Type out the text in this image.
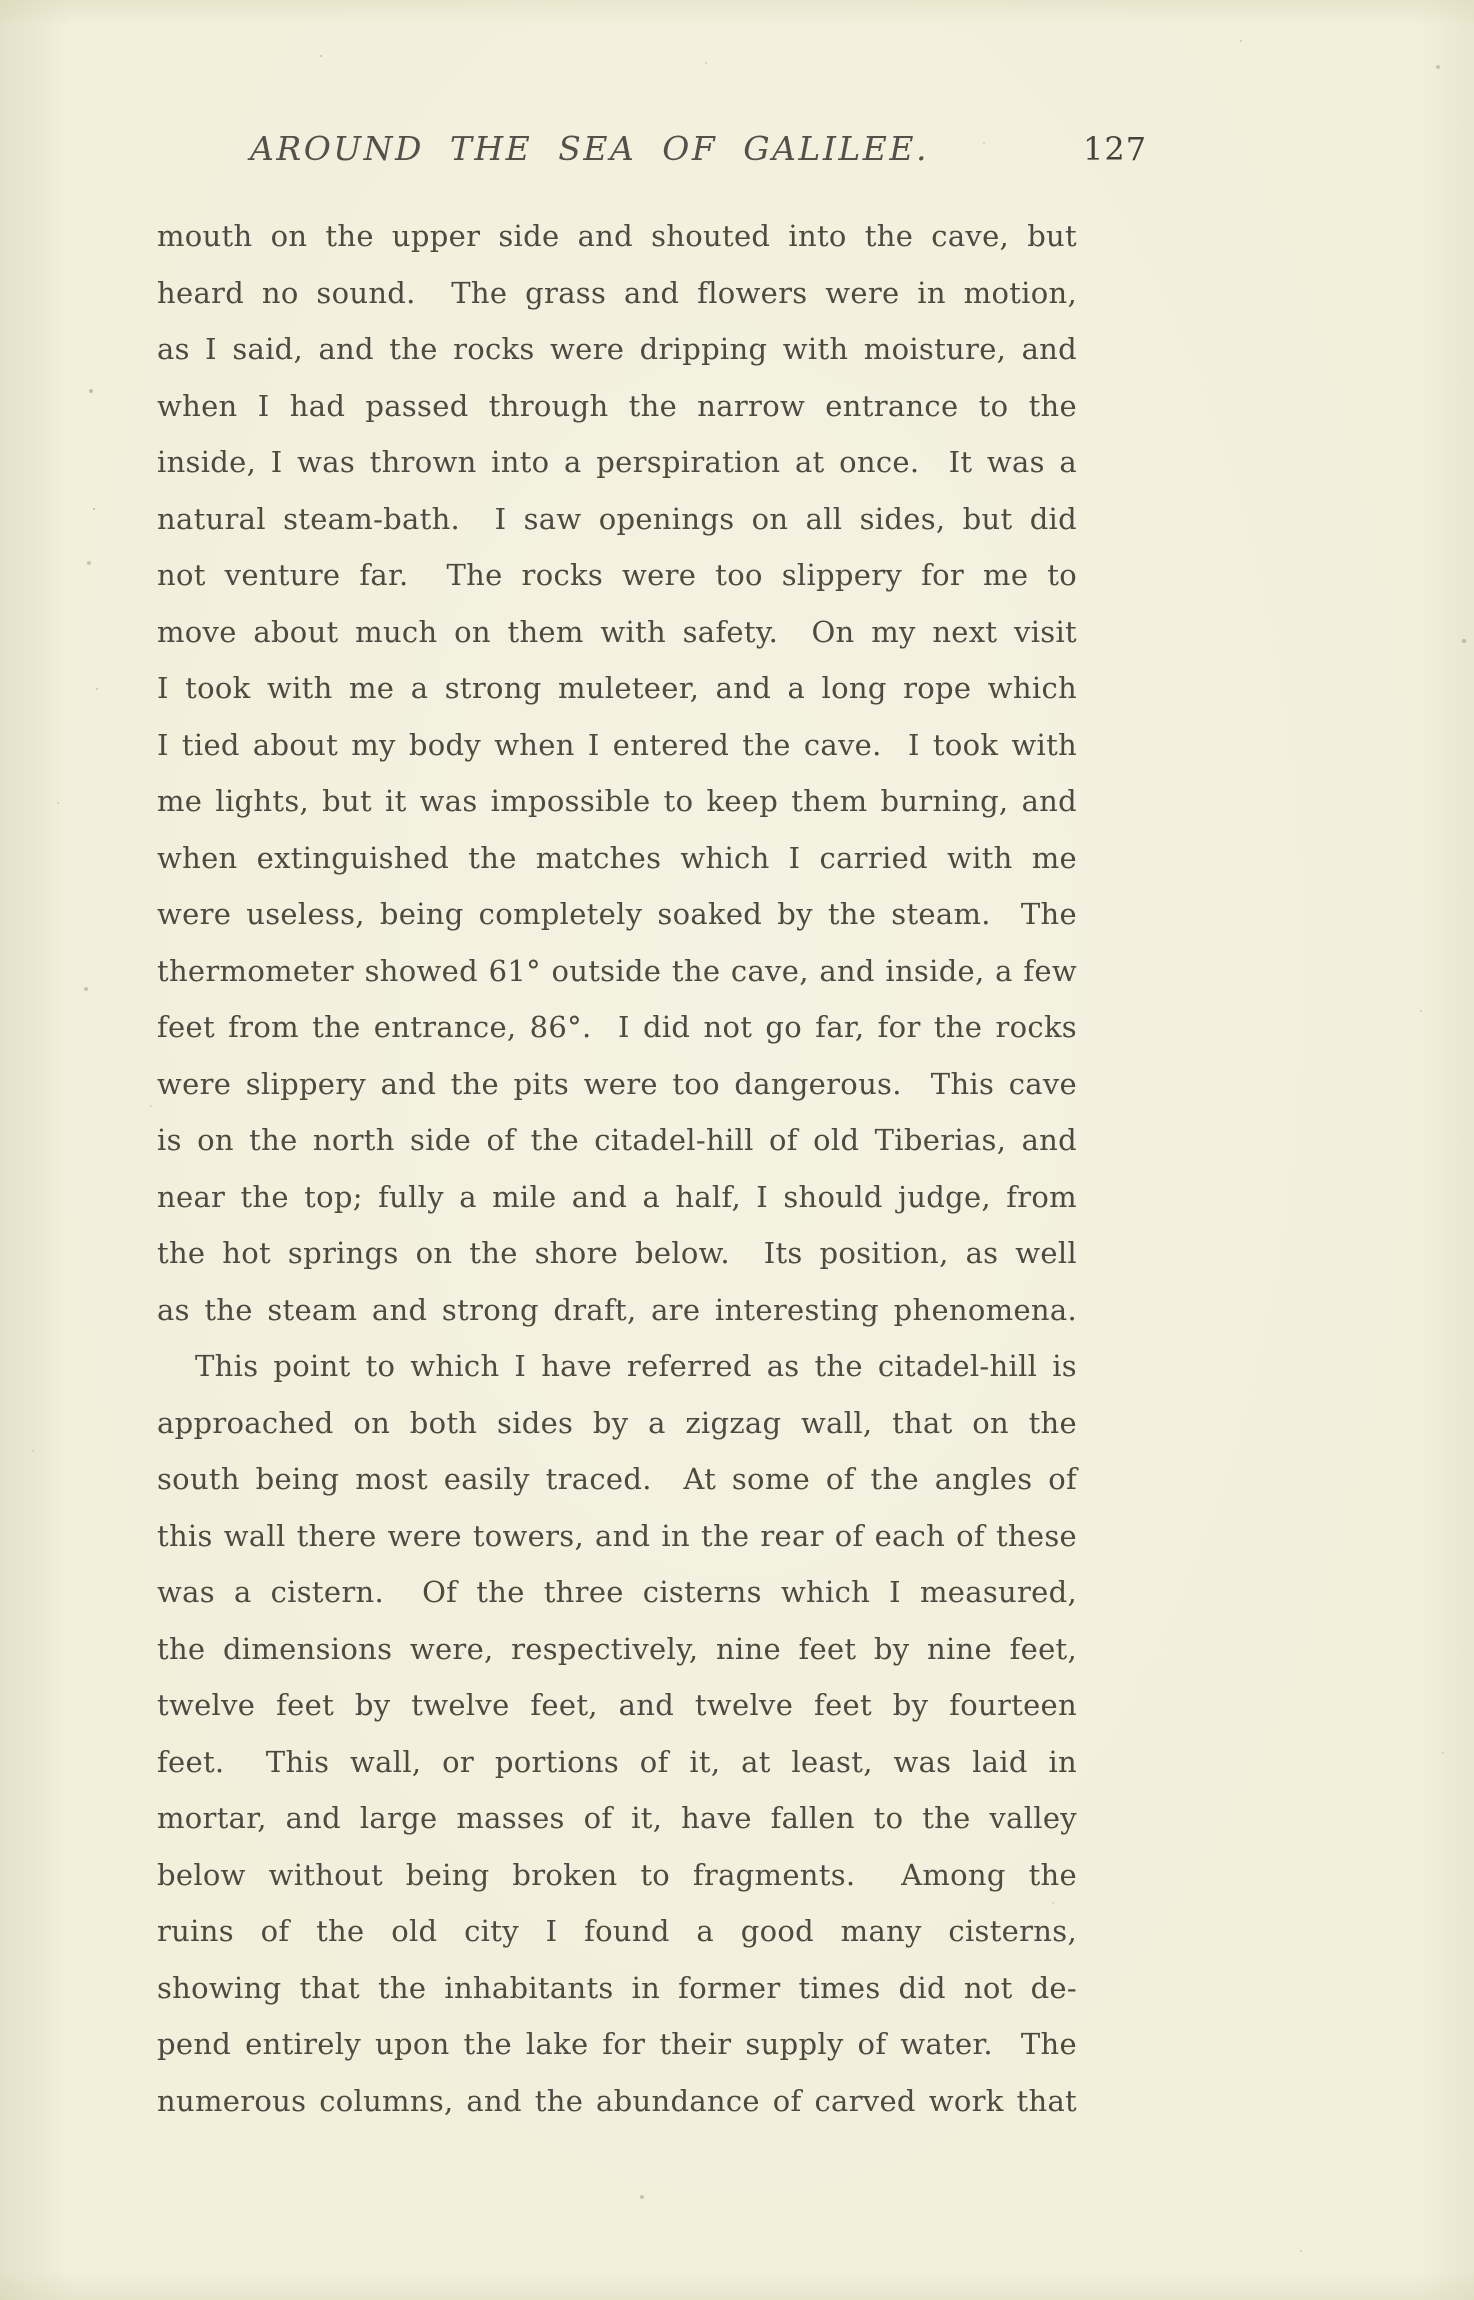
AROUND THE SEA OF GALILEE.	127
mouth on the upper side and shouted into the cave, but
heard no sound.  The grass and flowers were in motion,
as I said, and the rocks were dripping with moisture, and
when I had passed through the narrow entrance to the
inside, I was thrown into a perspiration at once.  It was a
natural steam-bath.  I saw openings on all sides, but did
not venture far.  The rocks were too slippery for me to
move about much on them with safety.  On my next visit
I took with me a strong muleteer, and a long rope which
I tied about my body when I entered the cave.  I took with
me lights, but it was impossible to keep them burning, and
when extinguished the matches which I carried with me
were useless, being completely soaked by the steam.  The
thermometer showed 61° outside the cave, and inside, a few
feet from the entrance, 86°.  I did not go far, for the rocks
were slippery and the pits were too dangerous.  This cave
is on the north side of the citadel-hill of old Tiberias, and
near the top; fully a mile and a half, I should judge, from
the hot springs on the shore below.  Its position, as well
as the steam and strong draft, are interesting phenomena.
This point to which I have referred as the citadel-hill is
approached on both sides by a zigzag wall, that on the
south being most easily traced.  At some of the angles of
this wall there were towers, and in the rear of each of these
was a cistern.  Of the three cisterns which I measured,
the dimensions were, respectively, nine feet by nine feet,
twelve feet by twelve feet, and twelve feet by fourteen
feet.  This wall, or portions of it, at least, was laid in
mortar, and large masses of it, have fallen to the valley
below without being broken to fragments.  Among the
ruins of the old city I found a good many cisterns,
showing that the inhabitants in former times did not de-
pend entirely upon the lake for their supply of water.  The
numerous columns, and the abundance of carved work that
